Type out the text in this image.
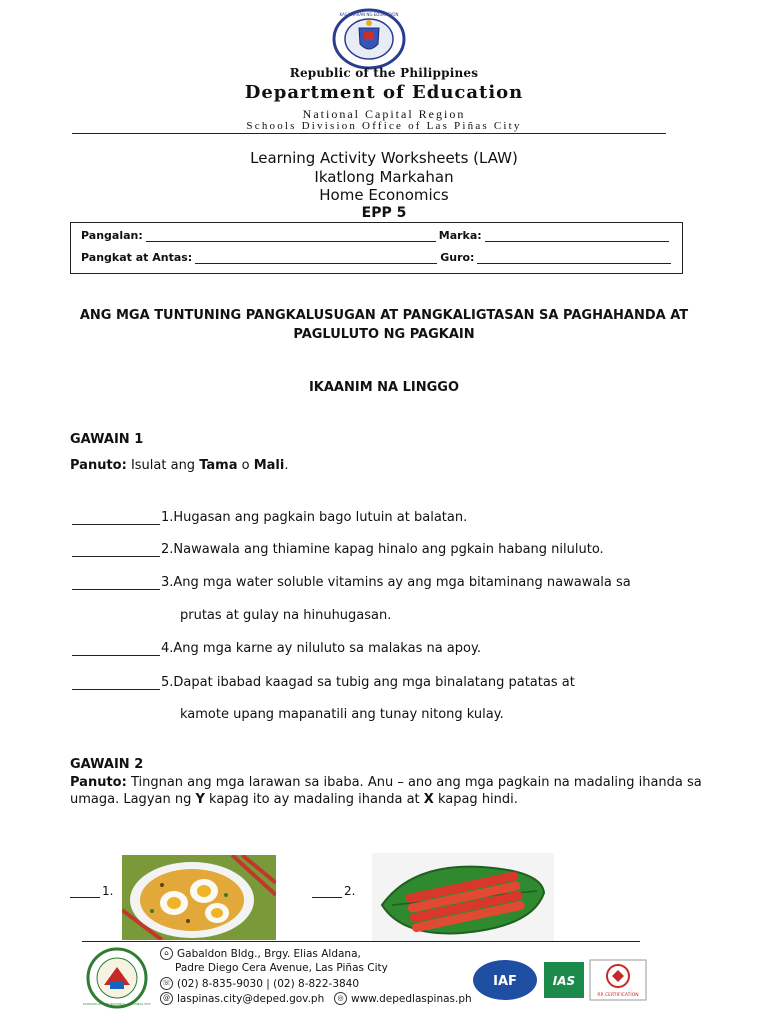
KAGAWARAN NG EDUKASYON
Republic of the Philippines
Department of Education
National Capital Region
Schools Division Office of Las Piñas City
Learning Activity Worksheets (LAW)
Ikatlong Markahan
Home Economics
EPP 5
Pangalan:	Marka:
Pangkat at Antas:	Guro:
ANG MGA TUNTUNING PANGKALUSUGAN AT PANGKALIGTASAN SA PAGHAHANDA AT PAGLULUTO NG PAGKAIN
IKAANIM NA LINGGO
GAWAIN 1
Panuto: Isulat ang Tama o Mali.
1. Hugasan ang pagkain bago lutuin at balatan.
2. Nawawala ang thiamine kapag hinalo ang pgkain habang niluluto.
3. Ang mga water soluble vitamins ay ang mga bitaminang nawawala sa
prutas at gulay na hinuhugasan.
4. Ang mga karne ay niluluto sa malakas na apoy.
5. Dapat ibabad kaagad sa tubig ang mga binalatang patatas at
kamote upang mapanatili ang tunay nitong kulay.
GAWAIN 2
Panuto: Tingnan ang mga larawan sa ibaba. Anu – ano ang mga pagkain na madaling ihanda sa umaga. Lagyan ng Y kapag ito ay madaling ihanda at X kapag hindi.
1.	2.
DIVISION OF CITY SCHOOLS · LAS PIÑAS CITY
⌂ Gabaldon Bldg., Brgy. Elias Aldana,
Padre Diego Cera Avenue, Las Piñas City
☏ (02) 8-835-9030 | (02) 8-822-3840
@ laspinas.city@deped.gov.ph	◎ www.depedlaspinas.ph
IAF	IAS
RR CERTIFICATION
